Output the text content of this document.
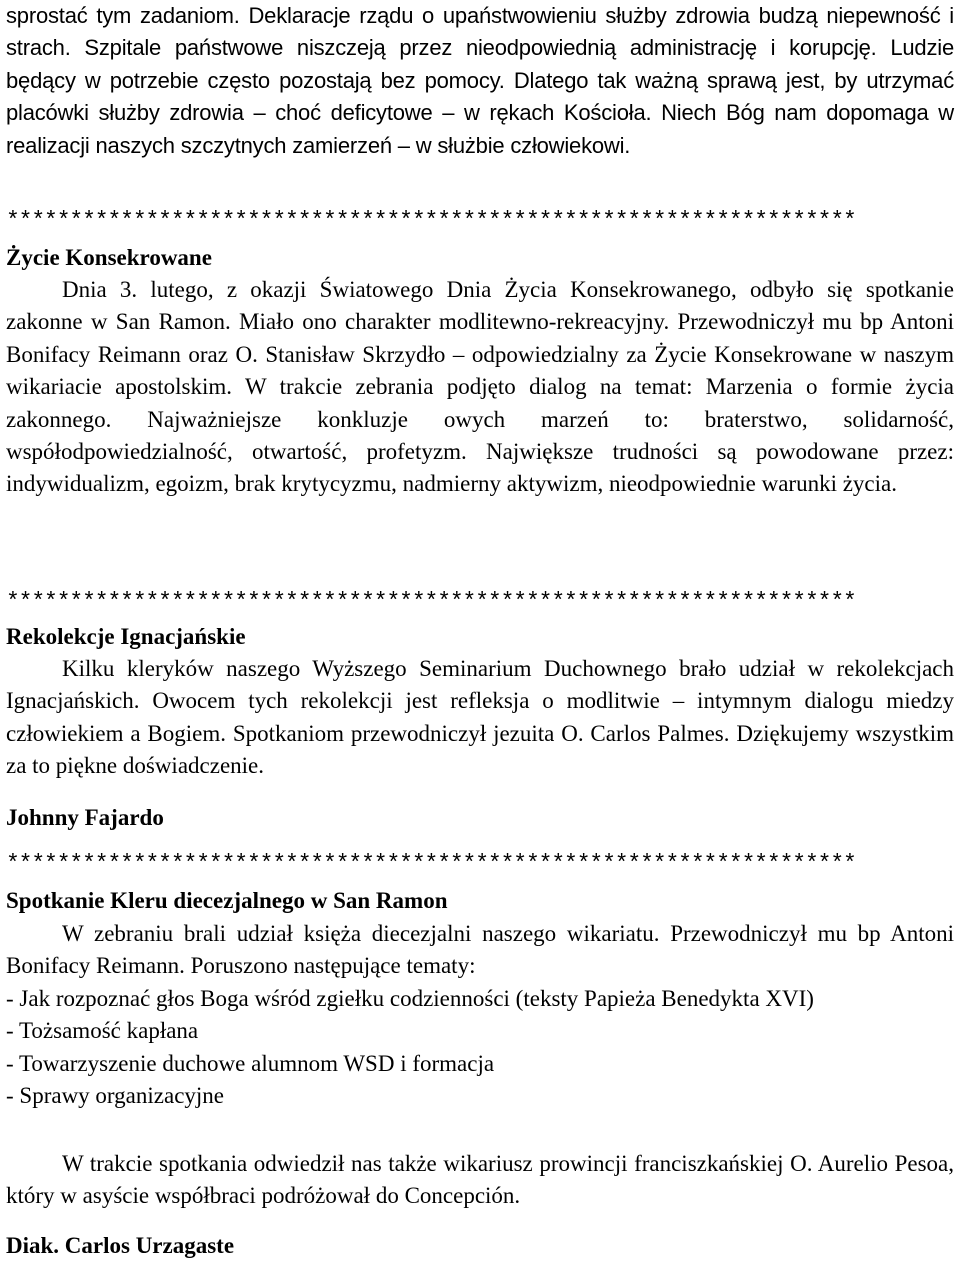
sprostać tym zadaniom. Deklaracje rządu o upaństwowieniu służby zdrowia budzą niepewność i strach. Szpitale państwowe niszczeją przez nieodpowiednią administrację i korupcję. Ludzie będący w potrzebie często pozostają bez pomocy. Dlatego tak ważną sprawą jest, by utrzymać placówki służby zdrowia – choć deficytowe – w rękach Kościoła. Niech Bóg nam dopomaga w realizacji naszych szczytnych zamierzeń – w służbie człowiekowi.

*******************************************************************

Życie Konsekrowane

Dnia 3. lutego, z okazji Światowego Dnia Życia Konsekrowanego, odbyło się spotkanie zakonne w San Ramon. Miało ono charakter modlitewno-rekreacyjny. Przewodniczył mu bp Antoni Bonifacy Reimann oraz O. Stanisław Skrzydło – odpowiedzialny za Życie Konsekrowane w naszym wikariacie apostolskim. W trakcie zebrania podjęto dialog na temat: Marzenia o formie życia zakonnego. Najważniejsze konkluzje owych marzeń to: braterstwo, solidarność, współodpowiedzialność, otwartość, profetyzm. Największe trudności są powodowane przez: indywidualizm, egoizm, brak krytycyzmu, nadmierny aktywizm, nieodpowiednie warunki życia.

*******************************************************************

Rekolekcje Ignacjańskie

Kilku kleryków naszego Wyższego Seminarium Duchownego brało udział w rekolekcjach Ignacjańskich. Owocem tych rekolekcji jest refleksja o modlitwie – intymnym dialogu miedzy człowiekiem a Bogiem. Spotkaniom przewodniczył jezuita O. Carlos Palmes. Dziękujemy wszystkim za to piękne doświadczenie.

Johnny Fajardo

*******************************************************************

Spotkanie Kleru diecezjalnego w San Ramon

W zebraniu brali udział księża diecezjalni naszego wikariatu. Przewodniczył mu bp Antoni Bonifacy Reimann. Poruszono następujące tematy:

- Jak rozpoznać głos Boga wśród zgiełku codzienności (teksty Papieża Benedykta XVI)

- Tożsamość kapłana

- Towarzyszenie duchowe alumnom WSD i formacja

- Sprawy organizacyjne

W trakcie spotkania odwiedził nas także wikariusz prowincji franciszkańskiej O. Aurelio Pesoa, który w asyście współbraci podróżował do Concepción.

Diak. Carlos Urzagaste
